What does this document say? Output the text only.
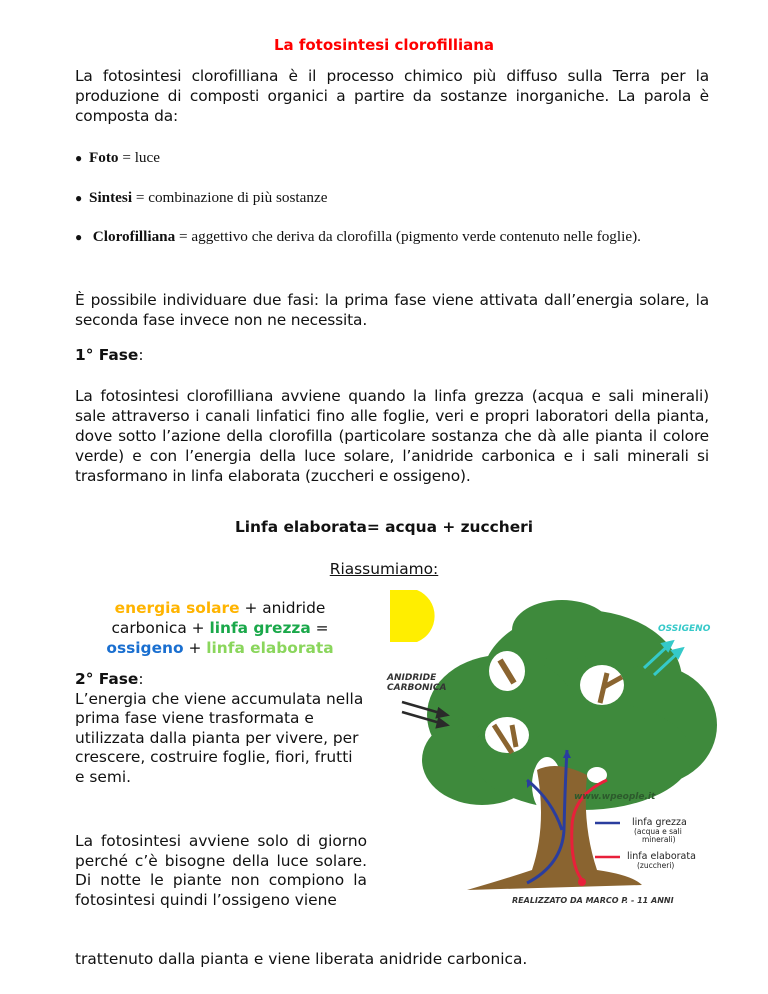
La fotosintesi clorofilliana
La fotosintesi clorofilliana è il processo chimico più diffuso sulla Terra per la produzione di composti organici a partire da sostanze inorganiche. La parola è composta da:
● Foto = luce
● Sintesi = combinazione di più sostanze
● Clorofilliana = aggettivo che deriva da clorofilla (pigmento verde contenuto nelle foglie).
È possibile individuare due fasi: la prima fase viene attivata dall’energia solare, la seconda fase invece non ne necessita.
1° Fase:
La fotosintesi clorofilliana avviene quando la linfa grezza (acqua e sali minerali) sale attraverso i canali linfatici fino alle foglie, veri e propri laboratori della pianta, dove sotto l’azione della clorofilla (particolare sostanza che dà alle pianta il colore verde) e con l’energia della luce solare, l’anidride carbonica e i sali minerali si trasformano in linfa elaborata (zuccheri e ossigeno).
Linfa elaborata= acqua + zuccheri
Riassumiamo:
energia solare + anidride carbonica + linfa grezza = ossigeno + linfa elaborata
2° Fase:
L’energia che viene accumulata nella prima fase viene trasformata e utilizzata dalla pianta per vivere, per crescere, costruire foglie, fiori, frutti e semi.
La fotosintesi avviene solo di giorno perché c’è bisogne della luce solare. Di notte le piante non compiono la fotosintesi quindi l’ossigeno viene
trattenuto dalla pianta e viene liberata anidride carbonica.
ANIDRIDE
CARBONICA
OSSIGENO
www.wpeople.it
linfa grezza
(acqua e sali
minerali)
linfa elaborata
(zuccheri)
REALIZZATO DA MARCO P. - 11 ANNI
